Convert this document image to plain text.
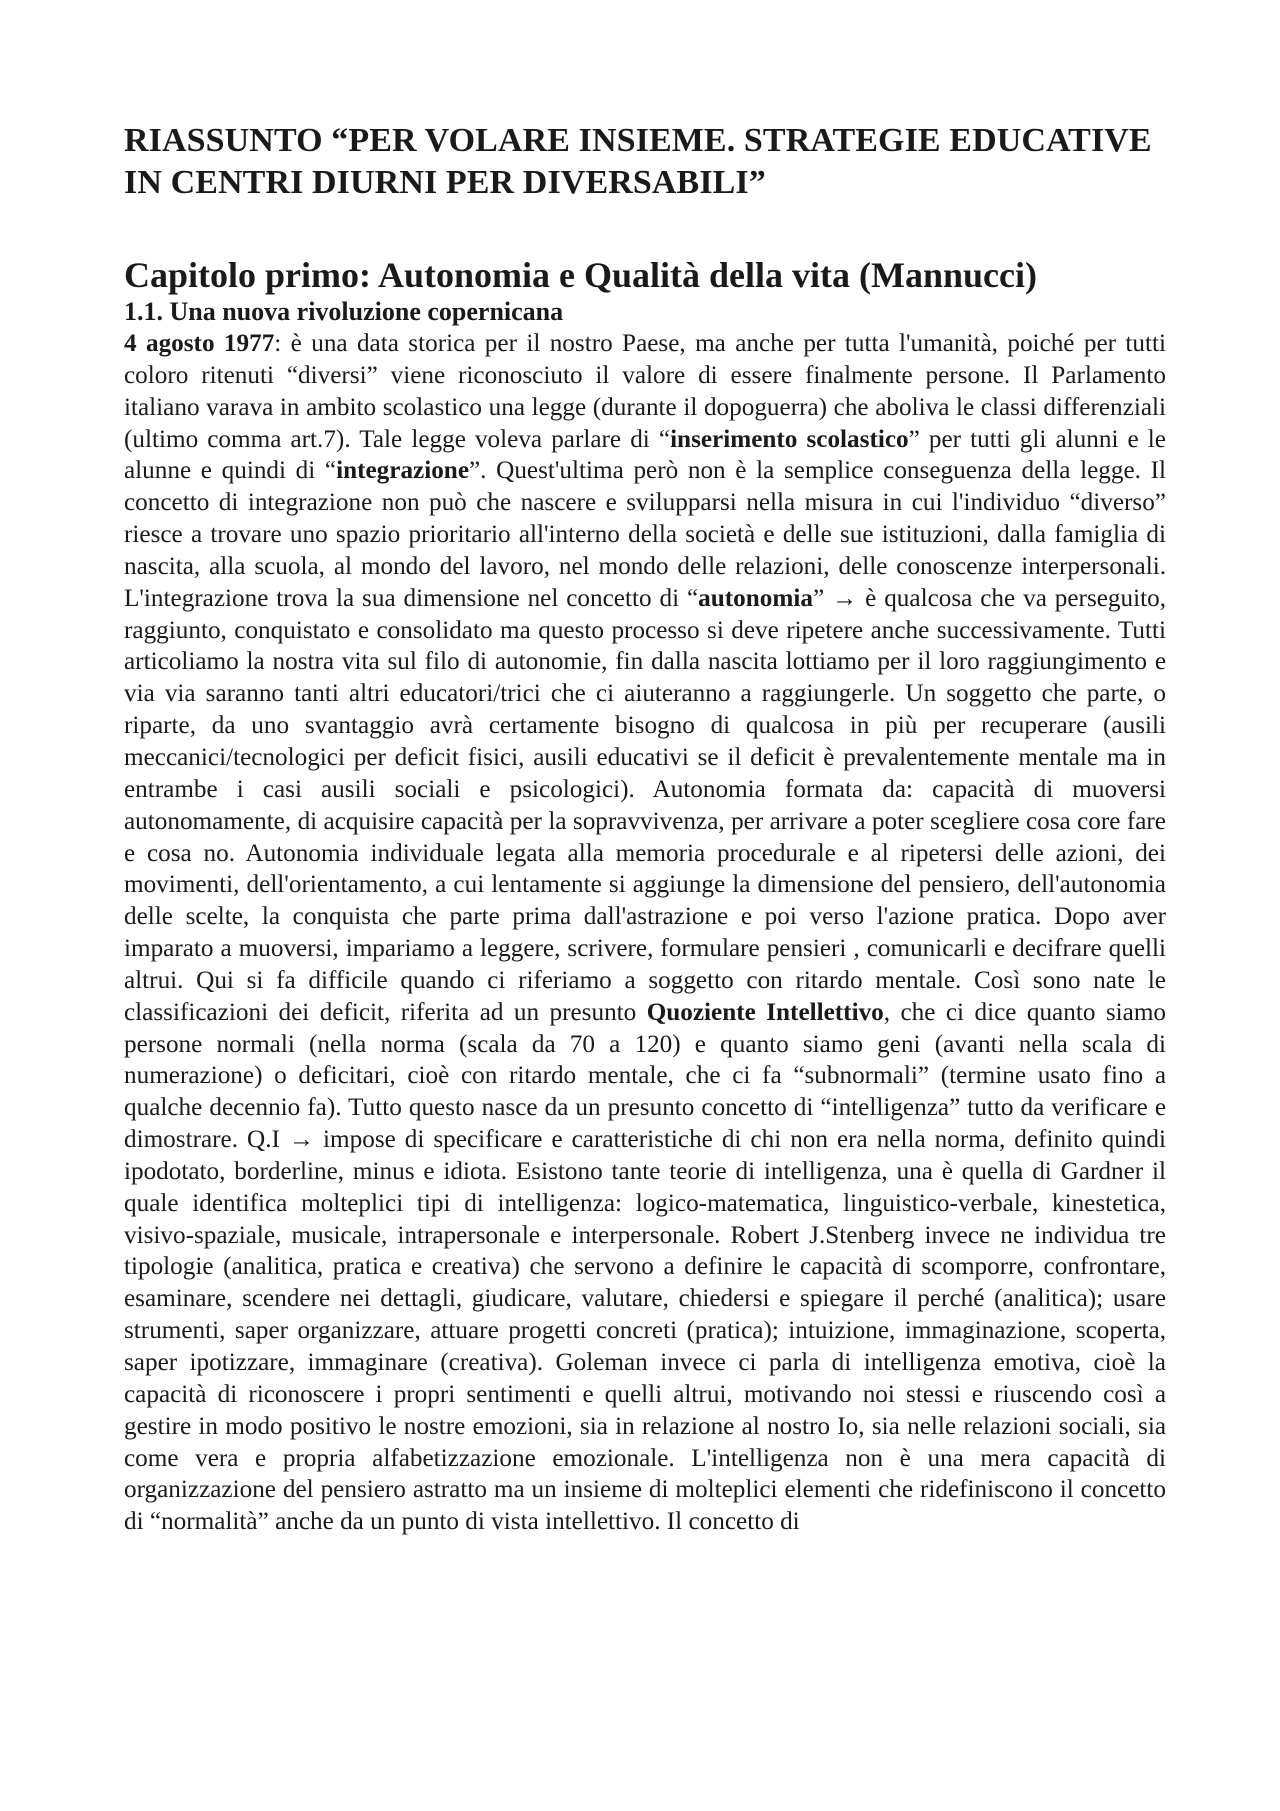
RIASSUNTO “PER VOLARE INSIEME. STRATEGIE EDUCATIVE IN CENTRI DIURNI PER DIVERSABILI”
Capitolo primo: Autonomia e Qualità della vita (Mannucci)
1.1. Una nuova rivoluzione copernicana

4 agosto 1977: è una data storica per il nostro Paese, ma anche per tutta l'umanità, poiché per tutti coloro ritenuti “diversi” viene riconosciuto il valore di essere finalmente persone. Il Parlamento italiano varava in ambito scolastico una legge (durante il dopoguerra) che aboliva le classi differenziali (ultimo comma art.7). Tale legge voleva parlare di “inserimento scolastico” per tutti gli alunni e le alunne e quindi di “integrazione”. Quest'ultima però non è la semplice conseguenza della legge. Il concetto di integrazione non può che nascere e svilupparsi nella misura in cui l'individuo “diverso” riesce a trovare uno spazio prioritario all'interno della società e delle sue istituzioni, dalla famiglia di nascita, alla scuola, al mondo del lavoro, nel mondo delle relazioni, delle conoscenze interpersonali. L'integrazione trova la sua dimensione nel concetto di “autonomia” → è qualcosa che va perseguito, raggiunto, conquistato e consolidato ma questo processo si deve ripetere anche successivamente. Tutti articoliamo la nostra vita sul filo di autonomie, fin dalla nascita lottiamo per il loro raggiungimento e via via saranno tanti altri educatori/trici che ci aiuteranno a raggiungerle. Un soggetto che parte, o riparte, da uno svantaggio avrà certamente bisogno di qualcosa in più per recuperare (ausili meccanici/tecnologici per deficit fisici, ausili educativi se il deficit è prevalentemente mentale ma in entrambe i casi ausili sociali e psicologici). Autonomia formata da: capacità di muoversi autonomamente, di acquisire capacità per la sopravvivenza, per arrivare a poter scegliere cosa core fare e cosa no. Autonomia individuale legata alla memoria procedurale e al ripetersi delle azioni, dei movimenti, dell'orientamento, a cui lentamente si aggiunge la dimensione del pensiero, dell'autonomia delle scelte, la conquista che parte prima dall'astrazione e poi verso l'azione pratica. Dopo aver imparato a muoversi, impariamo a leggere, scrivere, formulare pensieri , comunicarli e decifrare quelli altrui. Qui si fa difficile quando ci riferiamo a soggetto con ritardo mentale. Così sono nate le classificazioni dei deficit, riferita ad un presunto Quoziente Intellettivo, che ci dice quanto siamo persone normali (nella norma (scala da 70 a 120) e quanto siamo geni (avanti nella scala di numerazione) o deficitari, cioè con ritardo mentale, che ci fa “subnormali” (termine usato fino a qualche decennio fa). Tutto questo nasce da un presunto concetto di “intelligenza” tutto da verificare e dimostrare. Q.I → impose di specificare e caratteristiche di chi non era nella norma, definito quindi ipodotato, borderline, minus e idiota. Esistono tante teorie di intelligenza, una è quella di Gardner il quale identifica molteplici tipi di intelligenza: logico-matematica, linguistico-verbale, kinestetica, visivo-spaziale, musicale, intrapersonale e interpersonale. Robert J.Stenberg invece ne individua tre tipologie (analitica, pratica e creativa) che servono a definire le capacità di scomporre, confrontare, esaminare, scendere nei dettagli, giudicare, valutare, chiedersi e spiegare il perché (analitica); usare strumenti, saper organizzare, attuare progetti concreti (pratica); intuizione, immaginazione, scoperta, saper ipotizzare, immaginare (creativa). Goleman invece ci parla di intelligenza emotiva, cioè la capacità di riconoscere i propri sentimenti e quelli altrui, motivando noi stessi e riuscendo così a gestire in modo positivo le nostre emozioni, sia in relazione al nostro Io, sia nelle relazioni sociali, sia come vera e propria alfabetizzazione emozionale. L'intelligenza non è una mera capacità di organizzazione del pensiero astratto ma un insieme di molteplici elementi che ridefiniscono il concetto di “normalità” anche da un punto di vista intellettivo. Il concetto di
